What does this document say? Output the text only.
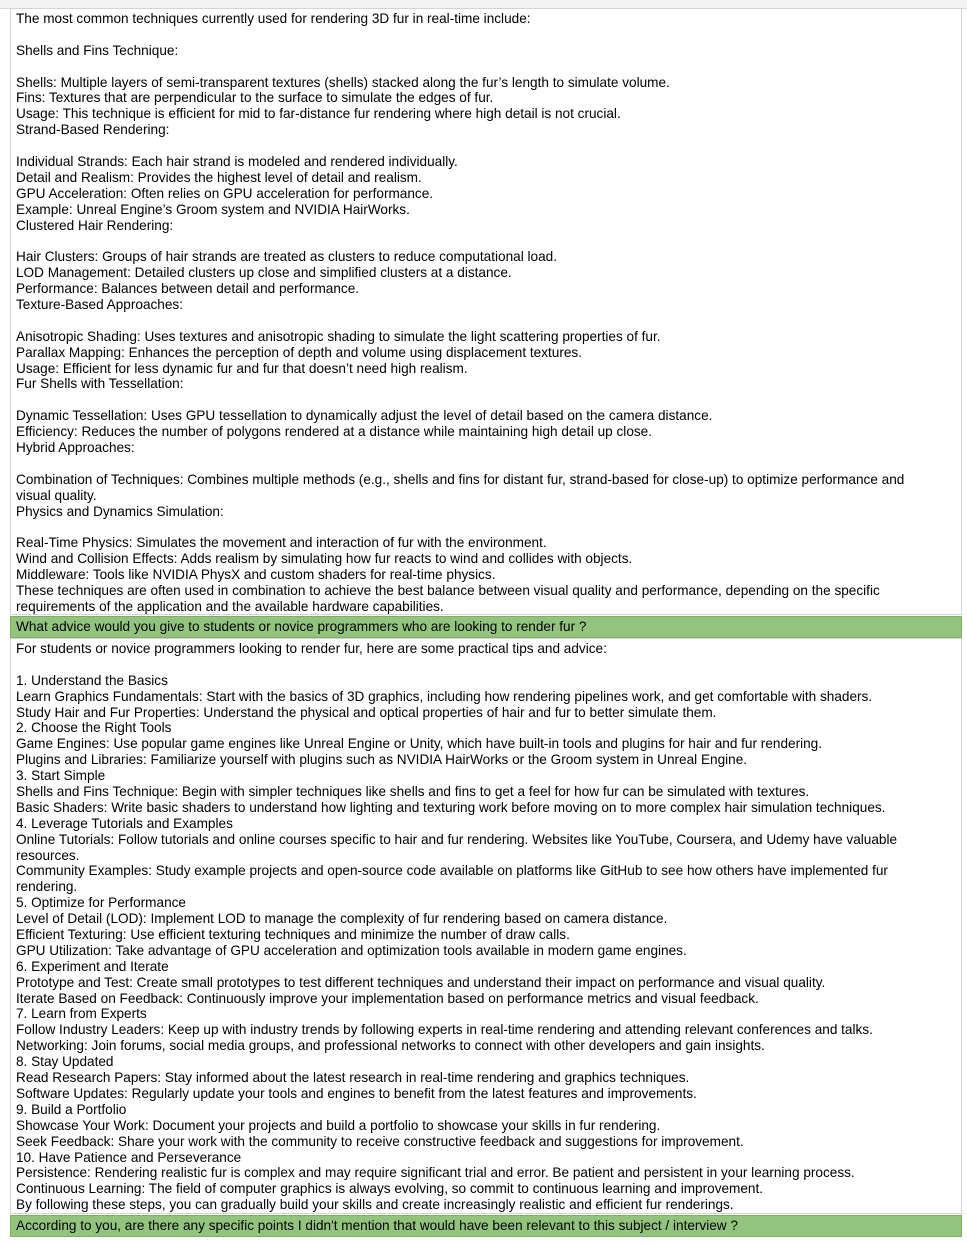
The most common techniques currently used for rendering 3D fur in real-time include:
Shells and Fins Technique:
Shells: Multiple layers of semi-transparent textures (shells) stacked along the fur’s length to simulate volume.
Fins: Textures that are perpendicular to the surface to simulate the edges of fur.
Usage: This technique is efficient for mid to far-distance fur rendering where high detail is not crucial.
Strand-Based Rendering:
Individual Strands: Each hair strand is modeled and rendered individually.
Detail and Realism: Provides the highest level of detail and realism.
GPU Acceleration: Often relies on GPU acceleration for performance.
Example: Unreal Engine’s Groom system and NVIDIA HairWorks.
Clustered Hair Rendering:
Hair Clusters: Groups of hair strands are treated as clusters to reduce computational load.
LOD Management: Detailed clusters up close and simplified clusters at a distance.
Performance: Balances between detail and performance.
Texture-Based Approaches:
Anisotropic Shading: Uses textures and anisotropic shading to simulate the light scattering properties of fur.
Parallax Mapping: Enhances the perception of depth and volume using displacement textures.
Usage: Efficient for less dynamic fur and fur that doesn’t need high realism.
Fur Shells with Tessellation:
Dynamic Tessellation: Uses GPU tessellation to dynamically adjust the level of detail based on the camera distance.
Efficiency: Reduces the number of polygons rendered at a distance while maintaining high detail up close.
Hybrid Approaches:
Combination of Techniques: Combines multiple methods (e.g., shells and fins for distant fur, strand-based for close-up) to optimize performance and
visual quality.
Physics and Dynamics Simulation:
Real-Time Physics: Simulates the movement and interaction of fur with the environment.
Wind and Collision Effects: Adds realism by simulating how fur reacts to wind and collides with objects.
Middleware: Tools like NVIDIA PhysX and custom shaders for real-time physics.
These techniques are often used in combination to achieve the best balance between visual quality and performance, depending on the specific
requirements of the application and the available hardware capabilities.
What advice would you give to students or novice programmers who are looking to render fur ?
For students or novice programmers looking to render fur, here are some practical tips and advice:
1. Understand the Basics
Learn Graphics Fundamentals: Start with the basics of 3D graphics, including how rendering pipelines work, and get comfortable with shaders.
Study Hair and Fur Properties: Understand the physical and optical properties of hair and fur to better simulate them.
2. Choose the Right Tools
Game Engines: Use popular game engines like Unreal Engine or Unity, which have built-in tools and plugins for hair and fur rendering.
Plugins and Libraries: Familiarize yourself with plugins such as NVIDIA HairWorks or the Groom system in Unreal Engine.
3. Start Simple
Shells and Fins Technique: Begin with simpler techniques like shells and fins to get a feel for how fur can be simulated with textures.
Basic Shaders: Write basic shaders to understand how lighting and texturing work before moving on to more complex hair simulation techniques.
4. Leverage Tutorials and Examples
Online Tutorials: Follow tutorials and online courses specific to hair and fur rendering. Websites like YouTube, Coursera, and Udemy have valuable
resources.
Community Examples: Study example projects and open-source code available on platforms like GitHub to see how others have implemented fur
rendering.
5. Optimize for Performance
Level of Detail (LOD): Implement LOD to manage the complexity of fur rendering based on camera distance.
Efficient Texturing: Use efficient texturing techniques and minimize the number of draw calls.
GPU Utilization: Take advantage of GPU acceleration and optimization tools available in modern game engines.
6. Experiment and Iterate
Prototype and Test: Create small prototypes to test different techniques and understand their impact on performance and visual quality.
Iterate Based on Feedback: Continuously improve your implementation based on performance metrics and visual feedback.
7. Learn from Experts
Follow Industry Leaders: Keep up with industry trends by following experts in real-time rendering and attending relevant conferences and talks.
Networking: Join forums, social media groups, and professional networks to connect with other developers and gain insights.
8. Stay Updated
Read Research Papers: Stay informed about the latest research in real-time rendering and graphics techniques.
Software Updates: Regularly update your tools and engines to benefit from the latest features and improvements.
9. Build a Portfolio
Showcase Your Work: Document your projects and build a portfolio to showcase your skills in fur rendering.
Seek Feedback: Share your work with the community to receive constructive feedback and suggestions for improvement.
10. Have Patience and Perseverance
Persistence: Rendering realistic fur is complex and may require significant trial and error. Be patient and persistent in your learning process.
Continuous Learning: The field of computer graphics is always evolving, so commit to continuous learning and improvement.
By following these steps, you can gradually build your skills and create increasingly realistic and efficient fur renderings.
According to you, are there any specific points I didn't mention that would have been relevant to this subject / interview ?
